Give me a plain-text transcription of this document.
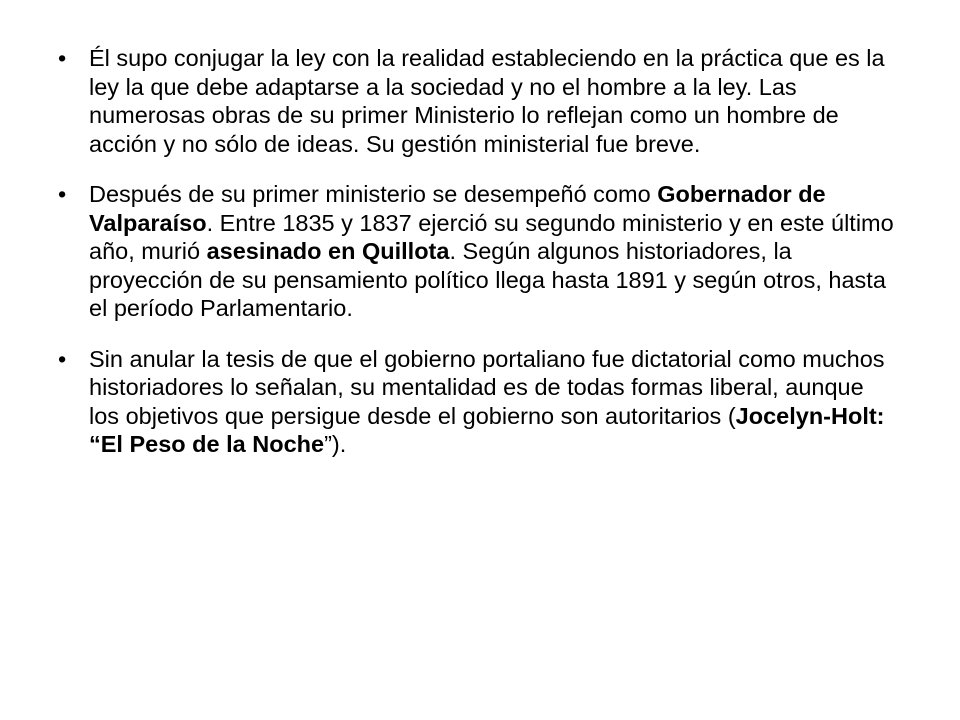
• Él supo conjugar la ley con la realidad estableciendo en la práctica que es la ley la que debe adaptarse a la sociedad y no el hombre a la ley. Las numerosas obras de su primer Ministerio lo reflejan como un hombre de acción y no sólo de ideas. Su gestión ministerial fue breve.
• Después de su primer ministerio se desempeñó como Gobernador de Valparaíso. Entre 1835 y 1837 ejerció su segundo ministerio y en este último año, murió asesinado en Quillota. Según algunos historiadores, la proyección de su pensamiento político llega hasta 1891 y según otros, hasta el período Parlamentario.
• Sin anular la tesis de que el gobierno portaliano fue dictatorial como muchos historiadores lo señalan, su mentalidad es de todas formas liberal, aunque los objetivos que persigue desde el gobierno son autoritarios (Jocelyn-Holt: “El Peso de la Noche”).
